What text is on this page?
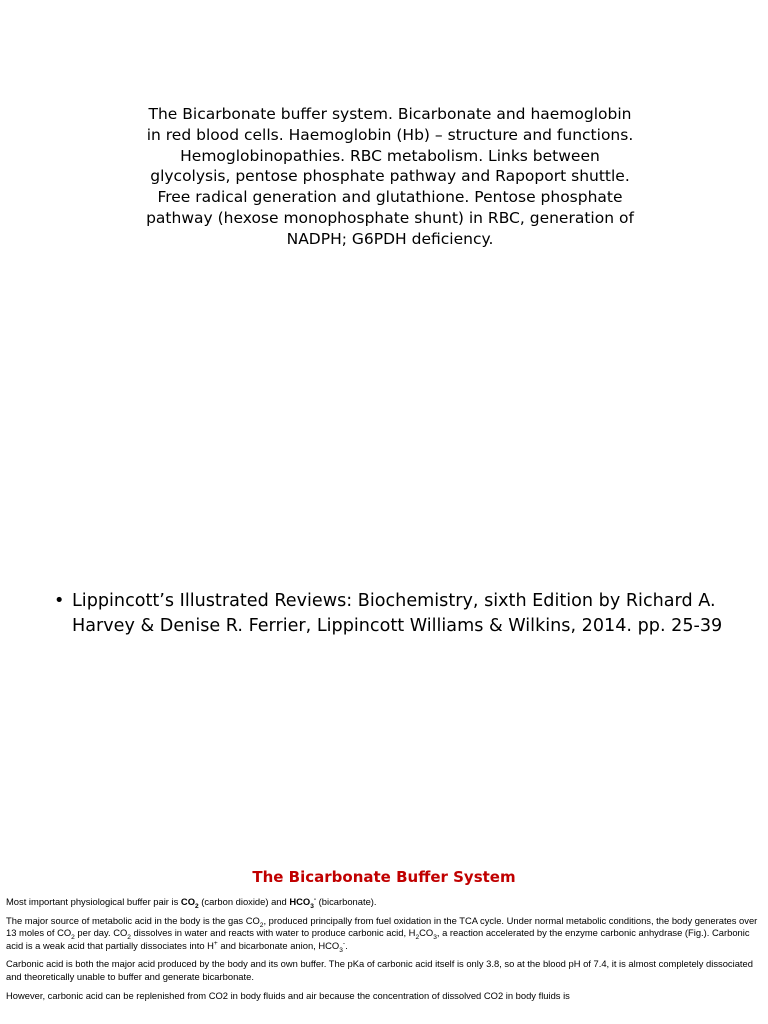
The Bicarbonate buffer system. Bicarbonate and haemoglobin in red blood cells. Haemoglobin (Hb) – structure and functions. Hemoglobinopathies. RBC metabolism. Links between glycolysis, pentose phosphate pathway and Rapoport shuttle. Free radical generation and glutathione. Pentose phosphate pathway (hexose monophosphate shunt) in RBC, generation of NADPH; G6PDH deficiency.
• Lippincott’s Illustrated Reviews: Biochemistry, sixth Edition by Richard A. Harvey & Denise R. Ferrier, Lippincott Williams & Wilkins, 2014. pp. 25-39
The Bicarbonate Buffer System

Most important physiological buffer pair is $CO_2$ (carbon dioxide) and $HCO_3^-$ (bicarbonate).

The major source of metabolic acid in the body is the gas $CO_2$, produced principally from fuel oxidation in the TCA cycle. Under normal metabolic conditions, the body generates over 13 moles of $CO_2$ per day. $CO_2$ dissolves in water and reacts with water to produce carbonic acid, $H_2CO_3$, a reaction accelerated by the enzyme carbonic anhydrase (Fig.). Carbonic acid is a weak acid that partially dissociates into H+ and bicarbonate anion, $HCO_3^-$.

Carbonic acid is both the major acid produced by the body and its own buffer. The pKa of carbonic acid itself is only 3.8, so at the blood pH of 7.4, it is almost completely dissociated and theoretically unable to buffer and generate bicarbonate.

However, carbonic acid can be replenished from CO2 in body fluids and air because the concentration of dissolved CO2 in body fluids is
